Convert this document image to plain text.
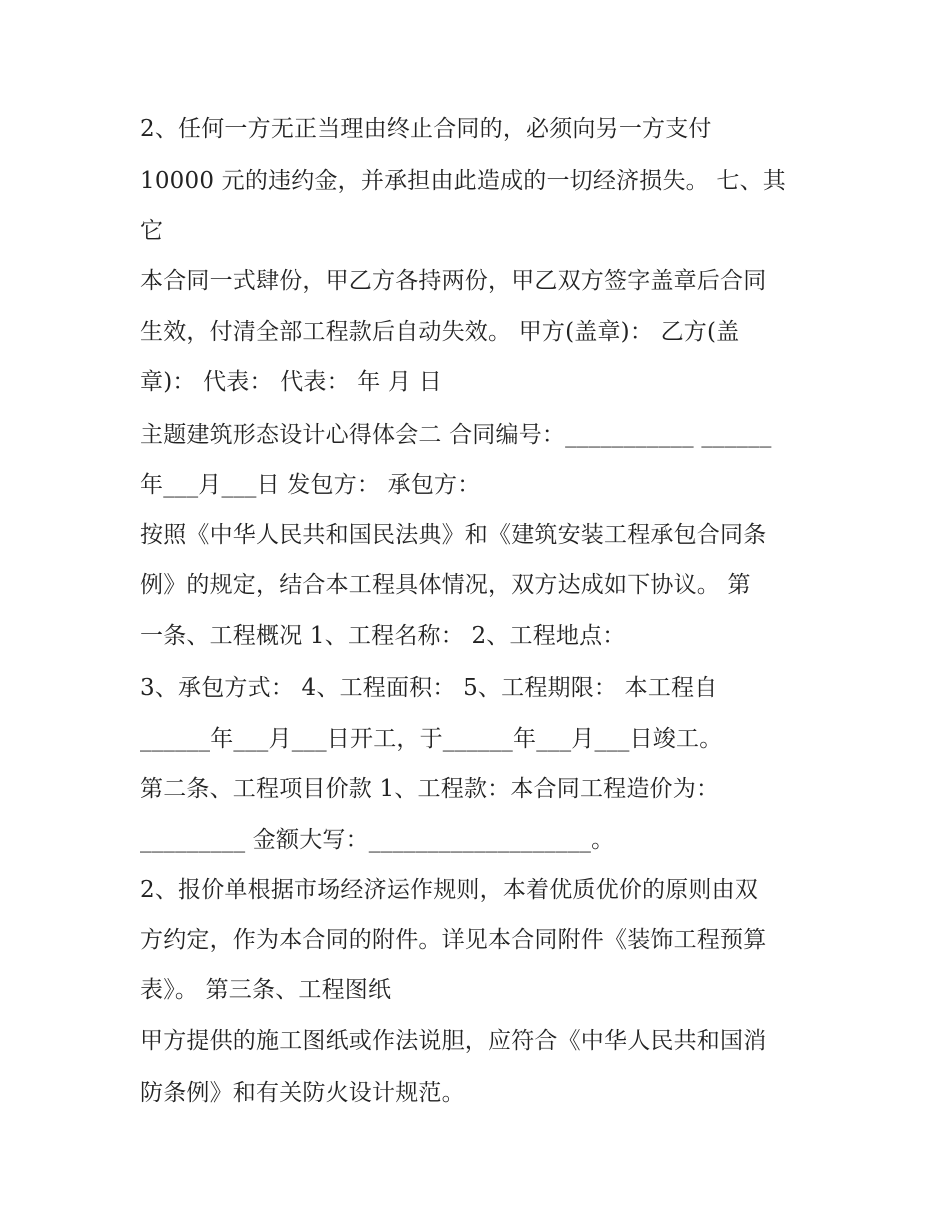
2、任何一方无正当理由终止合同的，必须向另一方支付

10000 元的违约金，并承担由此造成的一切经济损失。 七、其

它

本合同一式肆份，甲乙方各持两份，甲乙双方签字盖章后合同

生效，付清全部工程款后自动失效。 甲方(盖章)： 乙方(盖

章)： 代表： 代表： 年 月 日

主题建筑形态设计心得体会二 合同编号：___________ ______

年___月___日 发包方： 承包方：

按照《中华人民共和国民法典》和《建筑安装工程承包合同条

例》的规定，结合本工程具体情况，双方达成如下协议。 第

一条、工程概况 1、工程名称： 2、工程地点：

3、承包方式： 4、工程面积： 5、工程期限： 本工程自

______年___月___日开工，于______年___月___日竣工。

第二条、工程项目价款 1、工程款：本合同工程造价为：

_________ 金额大写：___________________。

2、报价单根据市场经济运作规则，本着优质优价的原则由双

方约定，作为本合同的附件。详见本合同附件《装饰工程预算

表》。 第三条、工程图纸

甲方提供的施工图纸或作法说胆，应符合《中华人民共和国消

防条例》和有关防火设计规范。
